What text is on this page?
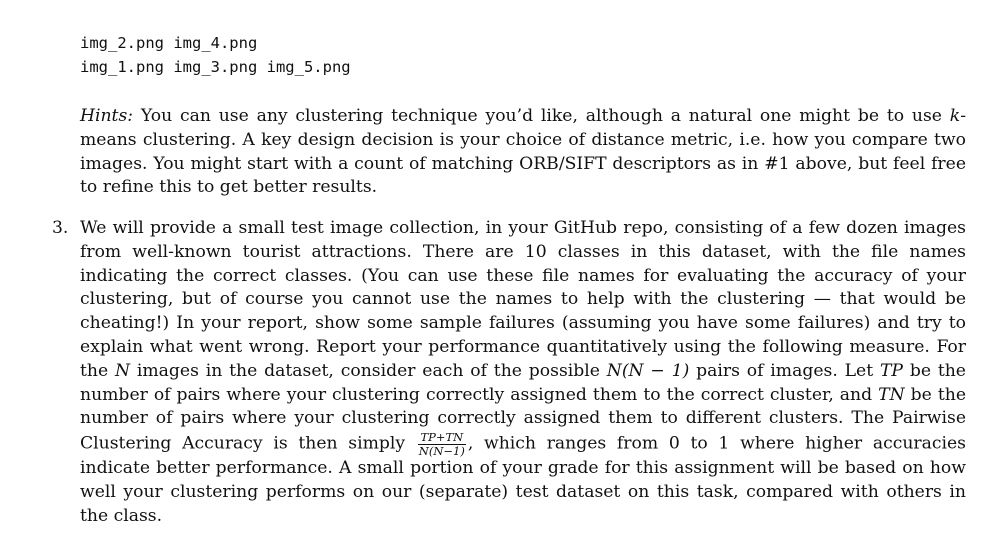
img_2.png img_4.png
img_1.png img_3.png img_5.png

Hints: You can use any clustering technique you’d like, although a natural one might be to use k-means clustering. A key design decision is your choice of distance metric, i.e. how you compare two images. You might start with a count of matching ORB/SIFT descriptors as in #1 above, but feel free to refine this to get better results.

3. We will provide a small test image collection, in your GitHub repo, consisting of a few dozen images from well-known tourist attractions. There are 10 classes in this dataset, with the file names indicating the correct classes. (You can use these file names for evaluating the accuracy of your clustering, but of course you cannot use the names to help with the clustering — that would be cheating!) In your report, show some sample failures (assuming you have some failures) and try to explain what went wrong. Report your performance quantitatively using the following measure. For the N images in the dataset, consider each of the possible N(N − 1) pairs of images. Let TP be the number of pairs where your clustering correctly assigned them to the correct cluster, and TN be the number of pairs where your clustering correctly assigned them to different clusters. The Pairwise Clustering Accuracy is then simply $\frac{TP+TN}{N(N-1)}$ , which ranges from 0 to 1 where higher accuracies indicate better performance. A small portion of your grade for this assignment will be based on how well your clustering performs on our (separate) test dataset on this task, compared with others in the class.
